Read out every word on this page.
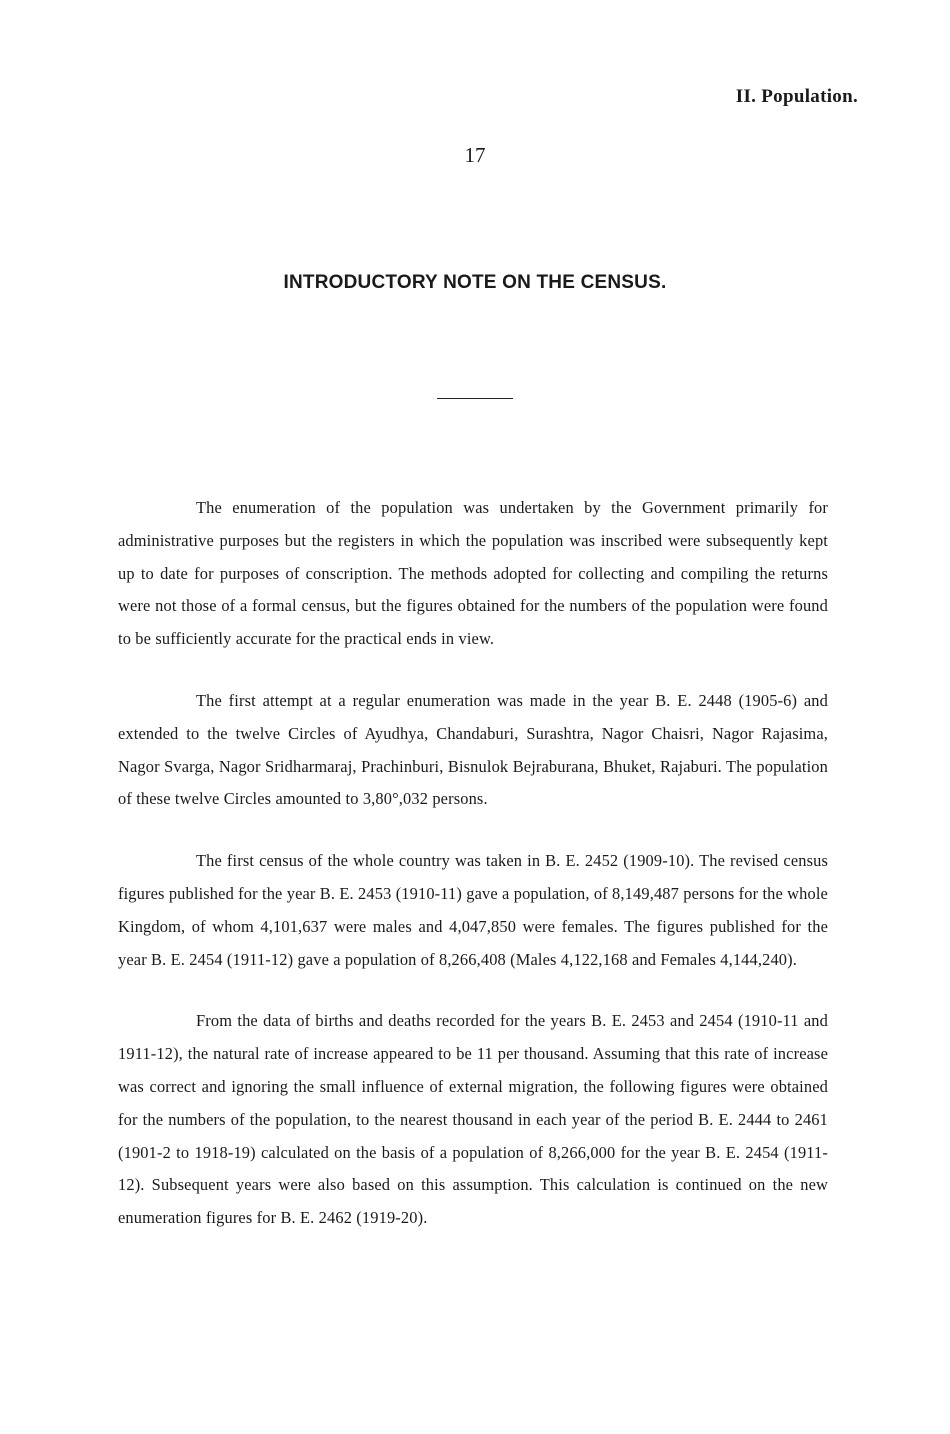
II. Population.
17
INTRODUCTORY NOTE ON THE CENSUS.

The enumeration of the population was undertaken by the Government primarily for administrative purposes but the registers in which the population was inscribed were subsequently kept up to date for purposes of conscription. The methods adopted for collecting and compiling the returns were not those of a formal census, but the figures obtained for the numbers of the population were found to be sufficiently accurate for the practical ends in view.

The first attempt at a regular enumeration was made in the year B. E. 2448 (1905-6) and extended to the twelve Circles of Ayudhya, Chandaburi, Surashtra, Nagor Chaisri, Nagor Rajasima, Nagor Svarga, Nagor Sridharmaraj, Prachinburi, Bisnulok Bejraburana, Bhuket, Rajaburi. The population of these twelve Circles amounted to 3,80°,032 persons.

The first census of the whole country was taken in B. E. 2452 (1909-10). The revised census figures published for the year B. E. 2453 (1910-11) gave a population, of 8,149,487 persons for the whole Kingdom, of whom 4,101,637 were males and 4,047,850 were females. The figures published for the year B. E. 2454 (1911-12) gave a population of 8,266,408 (Males 4,122,168 and Females 4,144,240).

From the data of births and deaths recorded for the years B. E. 2453 and 2454 (1910-11 and 1911-12), the natural rate of increase appeared to be 11 per thousand. Assuming that this rate of increase was correct and ignoring the small influence of external migration, the following figures were obtained for the numbers of the population, to the nearest thousand in each year of the period B. E. 2444 to 2461 (1901-2 to 1918-19) calculated on the basis of a population of 8,266,000 for the year B. E. 2454 (1911-12). Subsequent years were also based on this assumption. This calculation is continued on the new enumeration figures for B. E. 2462 (1919-20).
